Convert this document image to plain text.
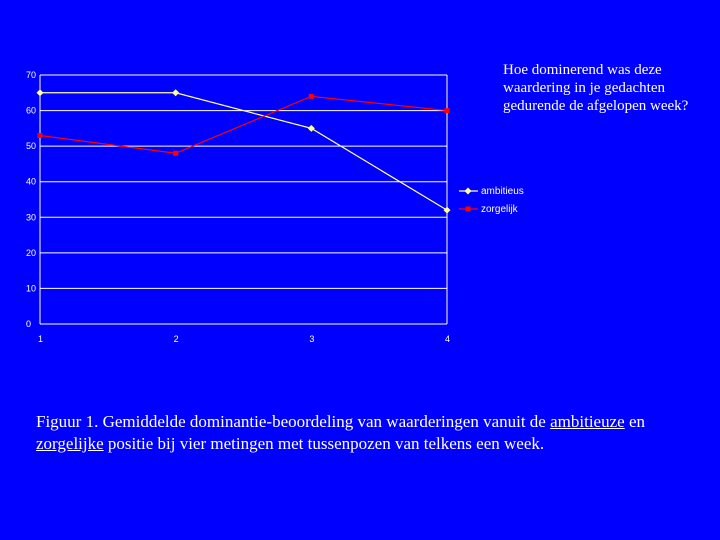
0
10
20
30
40
50
60
70
1	2	3	4
ambitieus
zorgelijk
Hoe dominerend was deze waardering in je gedachten gedurende de afgelopen week?
Figuur 1. Gemiddelde dominantie-beoordeling van waarderingen vanuit de ambitieuze en zorgelijke positie bij vier metingen met tussenpozen van telkens een week.
